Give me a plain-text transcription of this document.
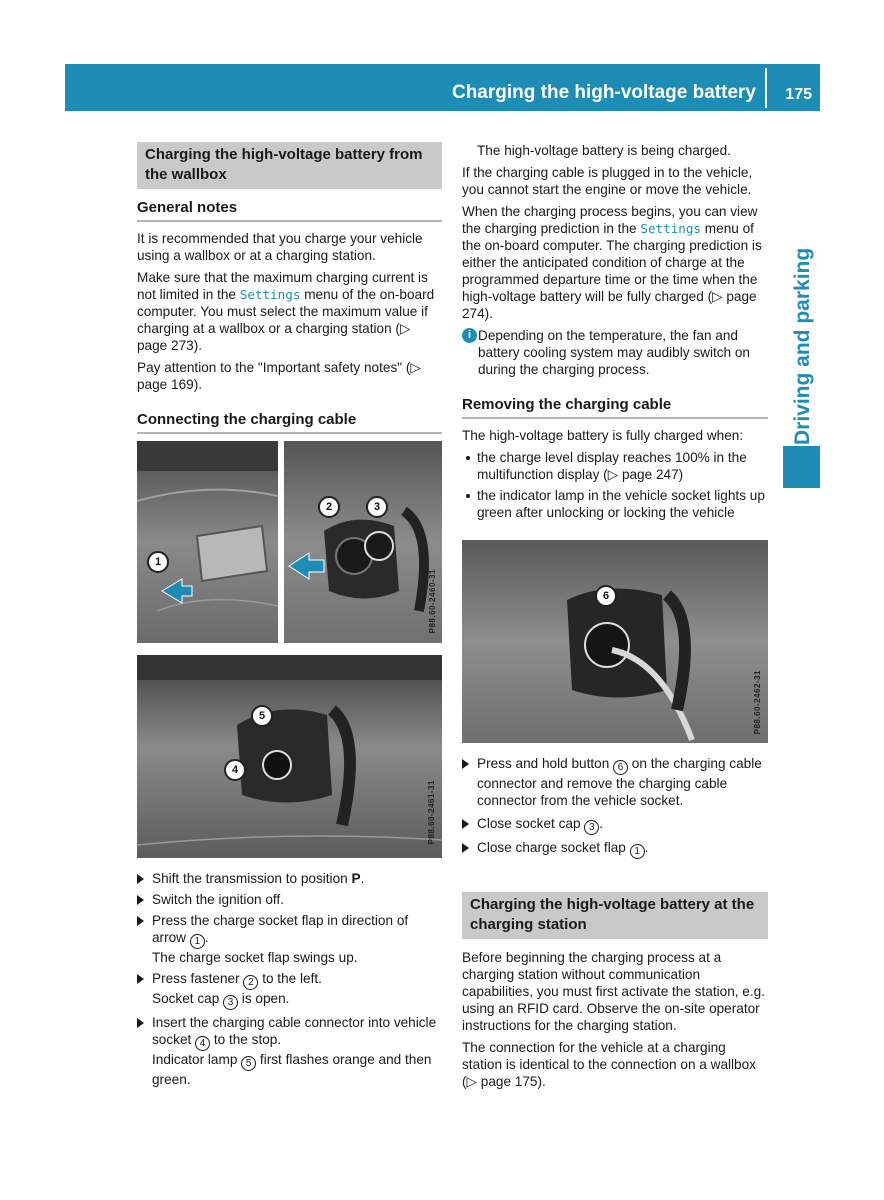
Charging the high-voltage battery 175
Driving and parking
Charging the high-voltage battery from the wallbox
General notes

It is recommended that you charge your vehicle using a wallbox or at a charging station.

Make sure that the maximum charging current is not limited in the Settings menu of the on-board computer. You must select the maximum value if charging at a wallbox or a charging station (▷ page 273).

Pay attention to the "Important safety notes" (▷ page 169).

Connecting the charging cable
1
2	3
P88.60-2460-31
5
4
P88.60-2461-31
Shift the transmission to position P.
Switch the ignition off.
Press the charge socket flap in direction of arrow 1 .
The charge socket flap swings up.
Press fastener 2 to the left.
Socket cap 3 is open.
Insert the charging cable connector into vehicle socket 4 to the stop.
Indicator lamp 5 first flashes orange and then green.

The high-voltage battery is being charged.

If the charging cable is plugged in to the vehicle, you cannot start the engine or move the vehicle.

When the charging process begins, you can view the charging prediction in the Settings menu of the on-board computer. The charging prediction is either the anticipated condition of charge at the programmed departure time or the time when the high-voltage battery will be fully charged (▷ page 274).

i Depending on the temperature, the fan and battery cooling system may audibly switch on during the charging process.
Removing the charging cable

The high-voltage battery is fully charged when:

the charge level display reaches 100% in the multifunction display (▷ page 247)
the indicator lamp in the vehicle socket lights up green after unlocking or locking the vehicle
6
P88.60-2462-31
Press and hold button 6 on the charging cable connector and remove the charging cable connector from the vehicle socket.
Close socket cap 3 .
Close charge socket flap 1 .
Charging the high-voltage battery at the charging station

Before beginning the charging process at a charging station without communication capabilities, you must first activate the station, e.g. using an RFID card. Observe the on-site operator instructions for the charging station.

The connection for the vehicle at a charging station is identical to the connection on a wallbox (▷ page 175).
